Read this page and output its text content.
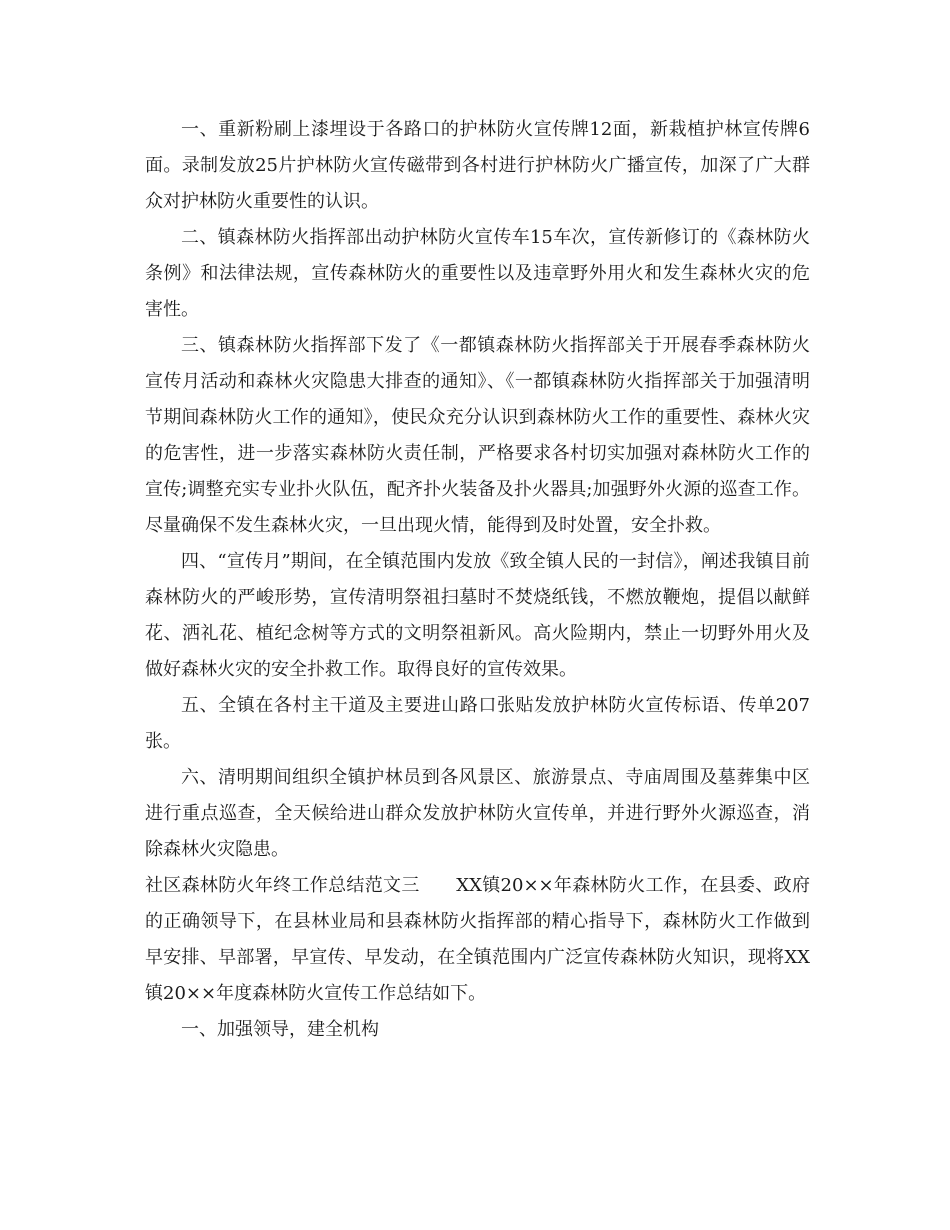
一、重新粉刷上漆埋设于各路口的护林防火宣传牌12面，新栽植护林宣传牌6面。录制发放25片护林防火宣传磁带到各村进行护林防火广播宣传，加深了广大群众对护林防火重要性的认识。

二、镇森林防火指挥部出动护林防火宣传车15车次，宣传新修订的《森林防火条例》和法律法规，宣传森林防火的重要性以及违章野外用火和发生森林火灾的危害性。

三、镇森林防火指挥部下发了《一都镇森林防火指挥部关于开展春季森林防火宣传月活动和森林火灾隐患大排查的通知》、《一都镇森林防火指挥部关于加强清明节期间森林防火工作的通知》，使民众充分认识到森林防火工作的重要性、森林火灾的危害性，进一步落实森林防火责任制，严格要求各村切实加强对森林防火工作的宣传;调整充实专业扑火队伍，配齐扑火装备及扑火器具;加强野外火源的巡查工作。尽量确保不发生森林火灾，一旦出现火情，能得到及时处置，安全扑救。

四、“宣传月”期间，在全镇范围内发放《致全镇人民的一封信》，阐述我镇目前森林防火的严峻形势，宣传清明祭祖扫墓时不焚烧纸钱，不燃放鞭炮，提倡以献鲜花、洒礼花、植纪念树等方式的文明祭祖新风。高火险期内，禁止一切野外用火及做好森林火灾的安全扑救工作。取得良好的宣传效果。

五、全镇在各村主干道及主要进山路口张贴发放护林防火宣传标语、传单207张。

六、清明期间组织全镇护林员到各风景区、旅游景点、寺庙周围及墓葬集中区进行重点巡查，全天候给进山群众发放护林防火宣传单，并进行野外火源巡查，消除森林火灾隐患。

社区森林防火年终工作总结范文三　　XX镇20××年森林防火工作，在县委、政府的正确领导下，在县林业局和县森林防火指挥部的精心指导下，森林防火工作做到早安排、早部署，早宣传、早发动，在全镇范围内广泛宣传森林防火知识，现将XX镇20××年度森林防火宣传工作总结如下。

一、加强领导，建全机构
